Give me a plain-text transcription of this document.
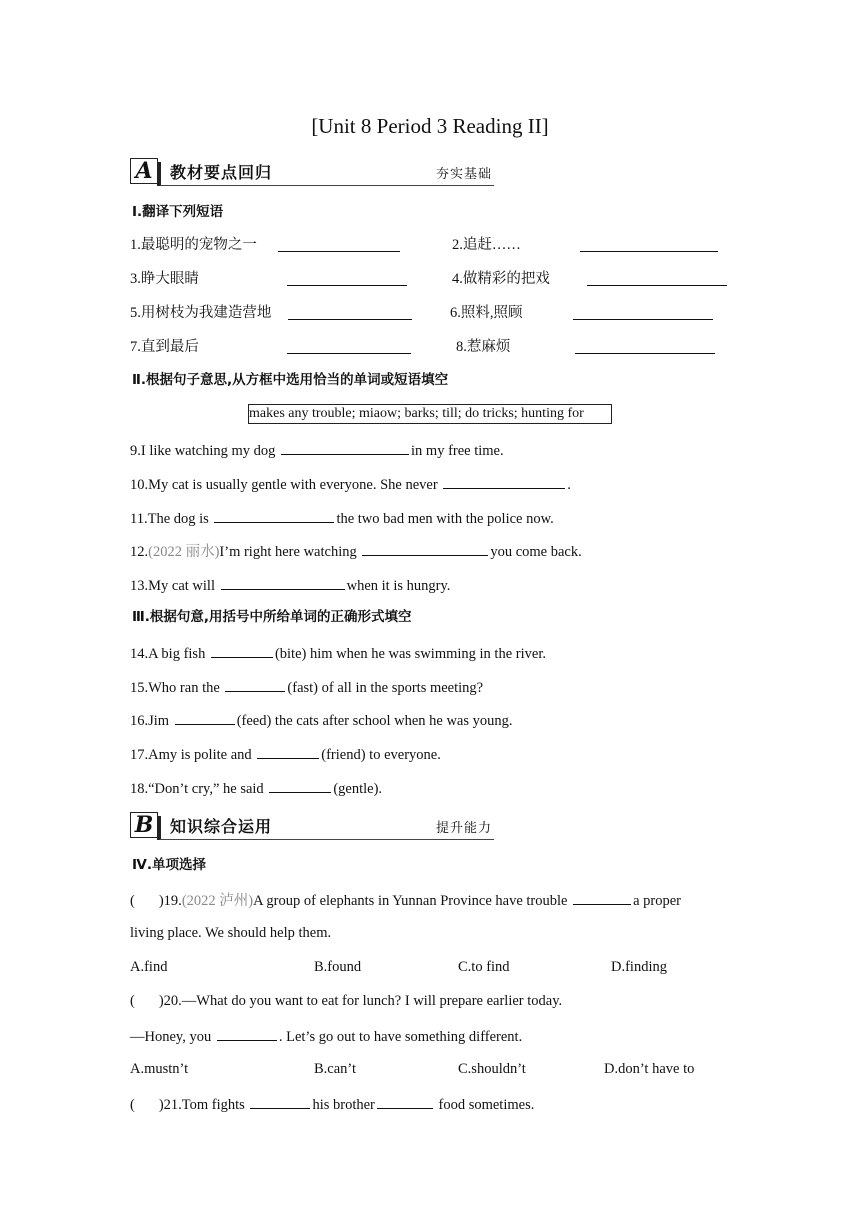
[Unit 8 Period 3 Reading II]
A	教材要点回归	夯实基础
Ⅰ.翻译下列短语
1.最聪明的宠物之一	2.追赶……
3.睁大眼睛	4.做精彩的把戏
5.用树枝为我建造营地	6.照料,照顾
7.直到最后	8.惹麻烦
Ⅱ.根据句子意思,从方框中选用恰当的单词或短语填空
makes any trouble; miaow; barks; till; do tricks; hunting for
9.I like watching my dog	in my free time.
10.My cat is usually gentle with everyone. She never	.
11.The dog is	the two bad men with the police now.
12.(2022 丽水)I’m right here watching	you come back.
13.My cat will	when it is hungry.
Ⅲ.根据句意,用括号中所给单词的正确形式填空
14.A big fish	(bite) him when he was swimming in the river.
15.Who ran the	(fast) of all in the sports meeting?
16.Jim	(feed) the cats after school when he was young.
17.Amy is polite and	(friend) to everyone.
18.“Don’t cry,” he said	(gentle).
B 知识综合运用	提升能力
Ⅳ.单项选择
( )19.(2022 泸州)A group of elephants in Yunnan Province have trouble	a proper
living place. We should help them.
A.find	B.found	C.to find	D.finding
( )20.—What do you want to eat for lunch? I will prepare earlier today.
—Honey, you	. Let’s go out to have something different.
A.mustn’t	B.can’t	C.shouldn’t	D.don’t have to
( )21.Tom fights	his brother	food sometimes.
